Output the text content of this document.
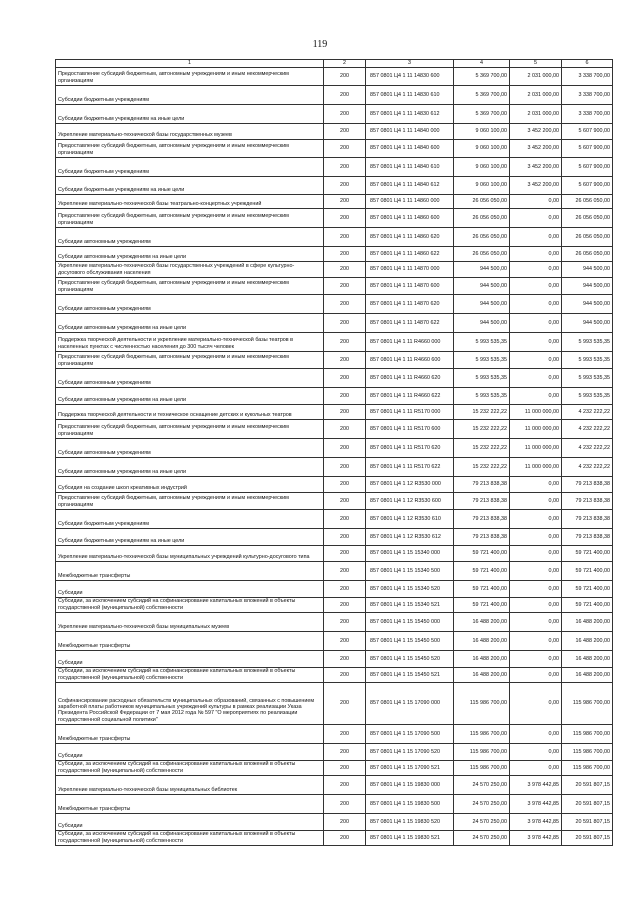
119
1	2	3	4	5	6
Предоставление субсидий бюджетным, автономным учреждениям и иным некоммерческим организациям	200	857 0801 Ц4 1 11 14830 600	5 369 700,00	2 031 000,00	3 338 700,00
Субсидии бюджетным учреждениям	200	857 0801 Ц4 1 11 14830 610	5 369 700,00	2 031 000,00	3 338 700,00
Субсидии бюджетным учреждениям на иные цели	200	857 0801 Ц4 1 11 14830 612	5 369 700,00	2 031 000,00	3 338 700,00
Укрепление материально-технической базы государственных музеев	200	857 0801 Ц4 1 11 14840 000	9 060 100,00	3 452 200,00	5 607 900,00
Предоставление субсидий бюджетным, автономным учреждениям и иным некоммерческим организациям	200	857 0801 Ц4 1 11 14840 600	9 060 100,00	3 452 200,00	5 607 900,00
Субсидии бюджетным учреждениям	200	857 0801 Ц4 1 11 14840 610	9 060 100,00	3 452 200,00	5 607 900,00
Субсидии бюджетным учреждениям на иные цели	200	857 0801 Ц4 1 11 14840 612	9 060 100,00	3 452 200,00	5 607 900,00
Укрепление материально-технической базы театрально-концертных учреждений	200	857 0801 Ц4 1 11 14860 000	26 056 050,00	0,00	26 056 050,00
Предоставление субсидий бюджетным, автономным учреждениям и иным некоммерческим организациям	200	857 0801 Ц4 1 11 14860 600	26 056 050,00	0,00	26 056 050,00
Субсидии автономным учреждениям	200	857 0801 Ц4 1 11 14860 620	26 056 050,00	0,00	26 056 050,00
Субсидии автономным учреждениям на иные цели	200	857 0801 Ц4 1 11 14860 622	26 056 050,00	0,00	26 056 050,00
Укрепление материально-технической базы государственных учреждений в сфере культурно-досугового обслуживания населения	200	857 0801 Ц4 1 11 14870 000	944 500,00	0,00	944 500,00
Предоставление субсидий бюджетным, автономным учреждениям и иным некоммерческим организациям	200	857 0801 Ц4 1 11 14870 600	944 500,00	0,00	944 500,00
Субсидии автономным учреждениям	200	857 0801 Ц4 1 11 14870 620	944 500,00	0,00	944 500,00
Субсидии автономным учреждениям на иные цели	200	857 0801 Ц4 1 11 14870 622	944 500,00	0,00	944 500,00
Поддержка творческой деятельности и укрепление материально-технической базы театров в населенных пунктах с численностью населения до 300 тысяч человек	200	857 0801 Ц4 1 11 R4660 000	5 993 535,35	0,00	5 993 535,35
Предоставление субсидий бюджетным, автономным учреждениям и иным некоммерческим организациям	200	857 0801 Ц4 1 11 R4660 600	5 993 535,35	0,00	5 993 535,35
Субсидии автономным учреждениям	200	857 0801 Ц4 1 11 R4660 620	5 993 535,35	0,00	5 993 535,35
Субсидии автономным учреждениям на иные цели	200	857 0801 Ц4 1 11 R4660 622	5 993 535,35	0,00	5 993 535,35
Поддержка творческой деятельности и техническое оснащение детских и кукольных театров	200	857 0801 Ц4 1 11 R5170 000	15 232 222,22	11 000 000,00	4 232 222,22
Предоставление субсидий бюджетным, автономным учреждениям и иным некоммерческим организациям	200	857 0801 Ц4 1 11 R5170 600	15 232 222,22	11 000 000,00	4 232 222,22
Субсидии автономным учреждениям	200	857 0801 Ц4 1 11 R5170 620	15 232 222,22	11 000 000,00	4 232 222,22
Субсидии автономным учреждениям на иные цели	200	857 0801 Ц4 1 11 R5170 622	15 232 222,22	11 000 000,00	4 232 222,22
Субсидия на создание школ креативных индустрий	200	857 0801 Ц4 1 12 R3530 000	79 213 838,38	0,00	79 213 838,38
Предоставление субсидий бюджетным, автономным учреждениям и иным некоммерческим организациям	200	857 0801 Ц4 1 12 R3530 600	79 213 838,38	0,00	79 213 838,38
Субсидии бюджетным учреждениям	200	857 0801 Ц4 1 12 R3530 610	79 213 838,38	0,00	79 213 838,38
Субсидии бюджетным учреждениям на иные цели	200	857 0801 Ц4 1 12 R3530 612	79 213 838,38	0,00	79 213 838,38
Укрепление материально-технической базы муниципальных учреждений культурно-досугового типа	200	857 0801 Ц4 1 15 15340 000	59 721 400,00	0,00	59 721 400,00
Межбюджетные трансферты	200	857 0801 Ц4 1 15 15340 500	59 721 400,00	0,00	59 721 400,00
Субсидии	200	857 0801 Ц4 1 15 15340 520	59 721 400,00	0,00	59 721 400,00
Субсидии, за исключением субсидий на софинансирование капитальных вложений в объекты государственной (муниципальной) собственности	200	857 0801 Ц4 1 15 15340 521	59 721 400,00	0,00	59 721 400,00
Укрепление материально-технической базы муниципальных музеев	200	857 0801 Ц4 1 15 15450 000	16 488 200,00	0,00	16 488 200,00
Межбюджетные трансферты	200	857 0801 Ц4 1 15 15450 500	16 488 200,00	0,00	16 488 200,00
Субсидии	200	857 0801 Ц4 1 15 15450 520	16 488 200,00	0,00	16 488 200,00
Субсидии, за исключением субсидий на софинансирование капитальных вложений в объекты государственной (муниципальной) собственности	200	857 0801 Ц4 1 15 15450 521	16 488 200,00	0,00	16 488 200,00
Софинансирование расходных обязательств муниципальных образований, связанных с повышением заработной платы работников муниципальных учреждений культуры в рамках реализации Указа Президента Российской Федерации от 7 мая 2012 года № 597 "О мероприятиях по реализации государственной социальной политики"	200	857 0801 Ц4 1 15 17090 000	115 986 700,00	0,00	115 986 700,00
Межбюджетные трансферты	200	857 0801 Ц4 1 15 17090 500	115 986 700,00	0,00	115 986 700,00
Субсидии	200	857 0801 Ц4 1 15 17090 520	115 986 700,00	0,00	115 986 700,00
Субсидии, за исключением субсидий на софинансирование капитальных вложений в объекты государственной (муниципальной) собственности	200	857 0801 Ц4 1 15 17090 521	115 986 700,00	0,00	115 986 700,00
Укрепление материально-технической базы муниципальных библиотек	200	857 0801 Ц4 1 15 19830 000	24 570 250,00	3 978 442,85	20 591 807,15
Межбюджетные трансферты	200	857 0801 Ц4 1 15 19830 500	24 570 250,00	3 978 442,85	20 591 807,15
Субсидии	200	857 0801 Ц4 1 15 19830 520	24 570 250,00	3 978 442,85	20 591 807,15
Субсидии, за исключением субсидий на софинансирование капитальных вложений в объекты государственной (муниципальной) собственности	200	857 0801 Ц4 1 15 19830 521	24 570 250,00	3 978 442,85	20 591 807,15
